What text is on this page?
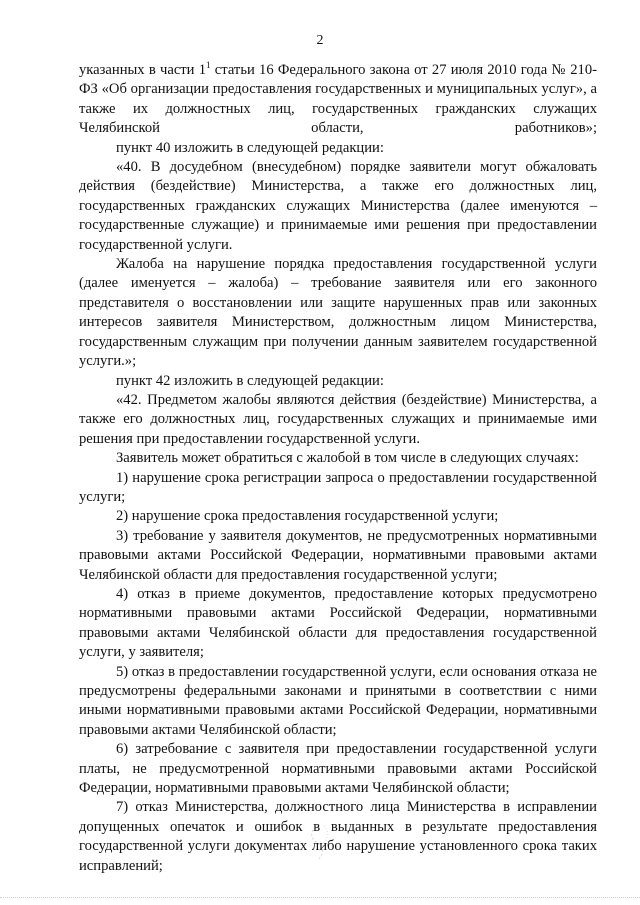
2

указанных в части $1^1$ статьи 16 Федерального закона от 27 июля 2010 года № 210-ФЗ «Об организации предоставления государственных и муниципальных услуг», а также их должностных лиц, государственных гражданских служащих Челябинской области, работников»;

пункт 40 изложить в следующей редакции:

«40. В досудебном (внесудебном) порядке заявители могут обжаловать действия (бездействие) Министерства, а также его должностных лиц, государственных гражданских служащих Министерства (далее именуются – государственные служащие) и принимаемые ими решения при предоставлении государственной услуги.

Жалоба на нарушение порядка предоставления государственной услуги (далее именуется – жалоба) – требование заявителя или его законного представителя о восстановлении или защите нарушенных прав или законных интересов заявителя Министерством, должностным лицом Министерства, государственным служащим при получении данным заявителем государственной услуги.»;

пункт 42 изложить в следующей редакции:

«42. Предметом жалобы являются действия (бездействие) Министерства, а также его должностных лиц, государственных служащих и принимаемые ими решения при предоставлении государственной услуги.

Заявитель может обратиться с жалобой в том числе в следующих случаях:

1) нарушение срока регистрации запроса о предоставлении государственной услуги;

2) нарушение срока предоставления государственной услуги;

3) требование у заявителя документов, не предусмотренных нормативными правовыми актами Российской Федерации, нормативными правовыми актами Челябинской области для предоставления государственной услуги;

4) отказ в приеме документов, предоставление которых предусмотрено нормативными правовыми актами Российской Федерации, нормативными правовыми актами Челябинской области для предоставления государственной услуги, у заявителя;

5) отказ в предоставлении государственной услуги, если основания отказа не предусмотрены федеральными законами и принятыми в соответствии с ними иными нормативными правовыми актами Российской Федерации, нормативными правовыми актами Челябинской области;

6) затребование с заявителя при предоставлении государственной услуги платы, не предусмотренной нормативными правовыми актами Российской Федерации, нормативными правовыми актами Челябинской области;

7) отказ Министерства, должностного лица Министерства в исправлении допущенных опечаток и ошибок в выданных в результате предоставления государственной услуги документах либо нарушение установленного срока таких исправлений;
